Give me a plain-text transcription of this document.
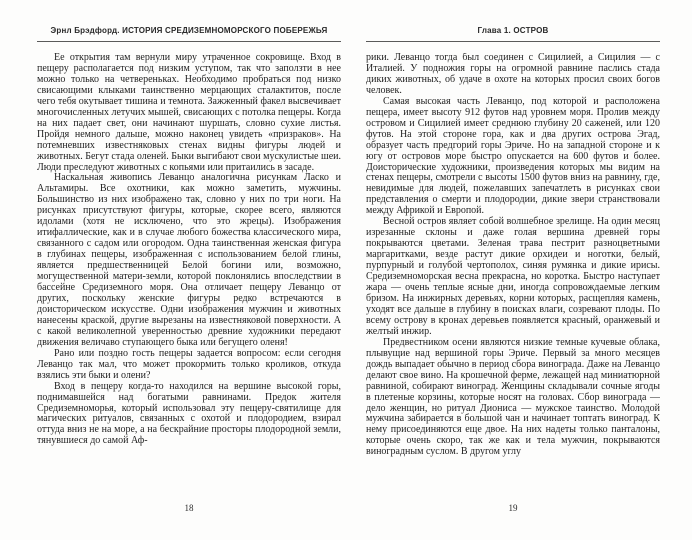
Эрнл Брэдфорд. ИСТОРИЯ СРЕДИЗЕМНОМОРСКОГО ПОБЕРЕЖЬЯ

Ее открытия там вернули миру утраченное сокровище. Вход в пещеру располагается под низким уступом, так что заползти в нее можно только на четвереньках. Необходимо пробраться под низко свисающими клыками таинственно мерцающих сталактитов, после чего тебя окутывает тишина и темнота. Зажженный факел высвечивает многочисленных летучих мышей, свисающих с потолка пещеры. Когда на них падает свет, они начинают шуршать, словно сухие листья. Пройдя немного дальше, можно наконец увидеть «призраков». На потемневших известняковых стенах видны фигуры людей и животных. Бегут стада оленей. Быки выгибают свои мускулистые шеи. Люди преследуют животных с копьями или притаились в засаде.

Наскальная живопись Леванцо аналогична рисункам Ласко и Альтамиры. Все охотники, как можно заметить, мужчины. Большинство из них изображено так, словно у них по три ноги. На рисунках присутствуют фигуры, которые, скорее всего, являются идолами (хотя не исключено, что это жрецы). Изображения итифаллические, как и в случае любого божества классического мира, связанного с садом или огородом. Одна таинственная женская фигура в глубинах пещеры, изображенная с использованием белой глины, является предшественницей Белой богини или, возможно, могущественной матери-земли, которой поклонялись впоследствии в бассейне Средиземного моря. Она отличает пещеру Леванцо от других, поскольку женские фигуры редко встречаются в доисторическом искусстве. Одни изображения мужчин и животных нанесены краской, другие вырезаны на известняковой поверхности. А с какой великолепной уверенностью древние художники передают движения величаво ступающего быка или бегущего оленя!

Рано или поздно гость пещеры задается вопросом: если сегодня Леванцо так мал, что может прокормить только кроликов, откуда взялись эти быки и олени?

Вход в пещеру когда-то находился на вершине высокой горы, поднимавшейся над богатыми равнинами. Предок жителя Средиземноморья, который использовал эту пещеру-святилище для магических ритуалов, связанных с охотой и плодородием, взирал оттуда вниз не на море, а на бескрайние просторы плодородной земли, тянувшиеся до самой Аф-

18
Глава 1. ОСТРОВ

рики. Леванцо тогда был соединен с Сицилией, а Сицилия — с Италией. У подножия горы на огромной равнине паслись стада диких животных, об удаче в охоте на которых просил своих богов человек.

Самая высокая часть Леванцо, под которой и расположена пещера, имеет высоту 912 футов над уровнем моря. Пролив между островом и Сицилией имеет среднюю глубину 20 саженей, или 120 футов. На этой стороне гора, как и два других острова Эгад, образует часть предгорий горы Эриче. Но на западной стороне и к югу от островов море быстро опускается на 600 футов и более. Доисторические художники, произведения которых мы видим на стенах пещеры, смотрели с высоты 1500 футов вниз на равнину, где, невидимые для людей, пожелавших запечатлеть в рисунках свои представления о смерти и плодородии, дикие звери странствовали между Африкой и Европой.

Весной остров являет собой волшебное зрелище. На один месяц изрезанные склоны и даже голая вершина древней горы покрываются цветами. Зеленая трава пестрит разноцветными маргаритками, везде растут дикие орхидеи и ноготки, белый, пурпурный и голубой чертополох, синяя румянка и дикие ирисы. Средиземноморская весна прекрасна, но коротка. Быстро наступает жара — очень теплые ясные дни, иногда сопровождаемые легким бризом. На инжирных деревьях, корни которых, расщепляя камень, уходят все дальше в глубину в поисках влаги, созревают плоды. По всему острову в кронах деревьев появляется красный, оранжевый и желтый инжир.

Предвестником осени являются низкие темные кучевые облака, плывущие над вершиной горы Эриче. Первый за много месяцев дождь выпадает обычно в период сбора винограда. Даже на Леванцо делают свое вино. На крошечной ферме, лежащей над миниатюрной равниной, собирают виноград. Женщины складывали сочные ягоды в плетеные корзины, которые носят на головах. Сбор винограда — дело женщин, но ритуал Диониса — мужское таинство. Молодой мужчина забирается в большой чан и начинает топтать виноград. К нему присоединяются еще двое. На них надеты только панталоны, которые очень скоро, так же как и тела мужчин, покрываются виноградным суслом. В другом углу

19
